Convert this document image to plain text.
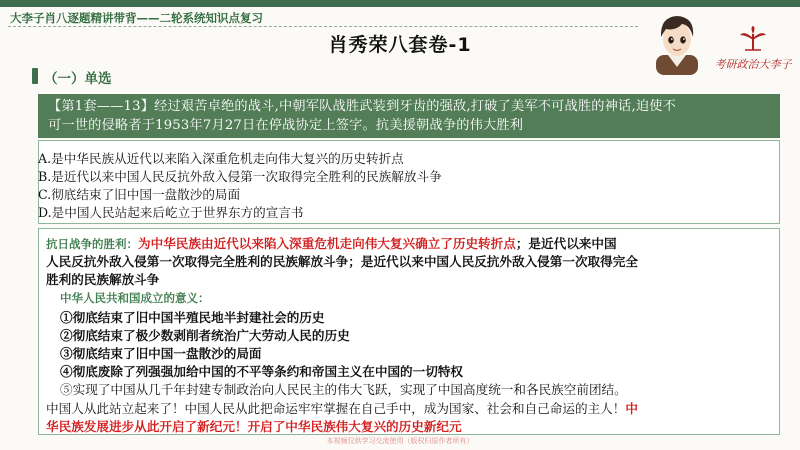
大李子肖八逐题精讲带背——二轮系统知识点复习
肖秀荣八套卷-1
考研政治大李子
（一）单选
【第1套——13】经过艰苦卓绝的战斗,中朝军队战胜武装到牙齿的强敌,打破了美军不可战胜的神话,迫使不
可一世的侵略者于1953年7月27日在停战协定上签字。抗美援朝战争的伟大胜利
A.是中华民族从近代以来陷入深重危机走向伟大复兴的历史转折点
B.是近代以来中国人民反抗外敌入侵第一次取得完全胜利的民族解放斗争
C.彻底结束了旧中国一盘散沙的局面
D.是中国人民站起来后屹立于世界东方的宣言书
抗日战争的胜利：为中华民族由近代以来陷入深重危机走向伟大复兴确立了历史转折点；是近代以来中国
人民反抗外敌入侵第一次取得完全胜利的民族解放斗争；是近代以来中国人民反抗外敌入侵第一次取得完全
胜利的民族解放斗争
中华人民共和国成立的意义：
①彻底结束了旧中国半殖民地半封建社会的历史
②彻底结束了极少数剥削者统治广大劳动人民的历史
③彻底结束了旧中国一盘散沙的局面
④彻底废除了列强强加给中国的不平等条约和帝国主义在中国的一切特权
⑤实现了中国从几千年封建专制政治向人民民主的伟大飞跃，实现了中国高度统一和各民族空前团结。
中国人从此站立起来了！中国人民从此把命运牢牢掌握在自己手中，成为国家、社会和自己命运的主人！中
华民族发展进步从此开启了新纪元！开启了中华民族伟大复兴的历史新纪元
本视频仅供学习交流使用（版权归原作者所有）
